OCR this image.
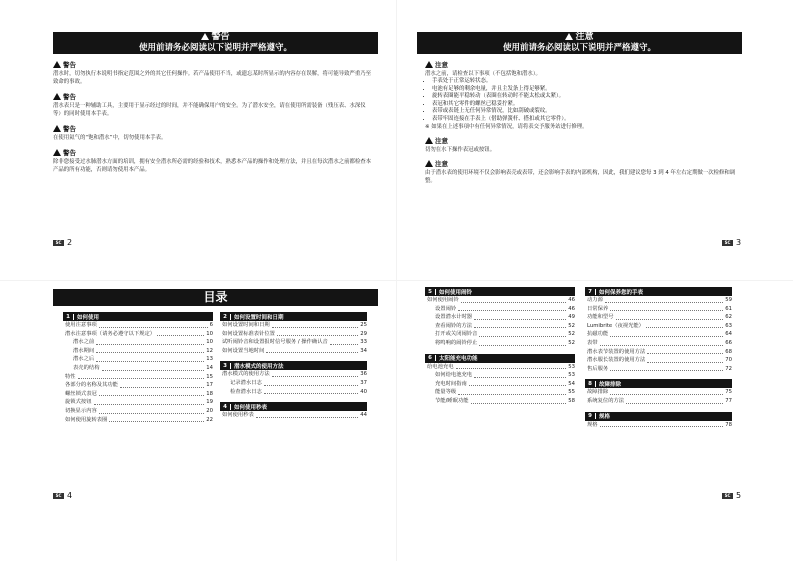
警告
使用前请务必阅读以下说明并严格遵守。
警告
潜水时，切勿执行本说明书指定范围之外的其它任何操作。若产品使用不当，或遗忘某时所显示的内容存在误解，将可能导致严重乃至致命的事故。
警告
潜水表只是一种辅助工具，主要用于显示经过的时间，并不能确保用户的安全。为了潜水安全，请在使用所需装备（残压表、水深仪等）的同时使用本手表。
警告
在使用氦气的“饱和潜水”中，切勿使用本手表。
警告
除非您接受过水肺潜水方面的培训，拥有安全潜水所必需的经验和技术，熟悉本产品的操作和处理方法，并且在每次潜水之前都检查本产品的所有功能，否则请勿使用本产品。
SC 2
注意
使用前请务必阅读以下说明并严格遵守。
注意
潜水之前，请检查以下事项（不包括饱和潜水）。
• 手表处于正常运转状态。
• 电池有足够的剩余电量，并且主发条上得足够紧。
• 旋转表圈能平稳转动（表圈在转动时不能太松或太紧）。
• 表冠和其它零件的螺丝已稳妥拧紧。
• 表带或表链上无任何异常情况，比如刮破或裂纹。
• 表带牢固连接在手表上（借助弹簧杆、搭扣或其它零件）。
※ 如果在上述事项中有任何异常情况，请将表交予服务站进行修理。
注意
切勿在水下操作表冠或按钮。
注意
由于潜水表的使用环境不仅会影响表壳或表带，还会影响手表的内部机构，因此，我们建议您每 3 到 4 年左右定期做一次检修和调整。
SC 3
目录
1	如何使用
使用注意事项	6
潜水注意事项（请务必遵守以下规定）	10
潜水之前	10
潜水期间	12
潜水之后	13
表壳的结构	14
特性	15
各部分的名称及其功能	17
螺丝锁式表冠	18
旋锁式按钮	19
切换显示内容	20
如何使用旋转表圈	22
2	如何设置时间和日期
如何设置时间和日期	25
如何设置标准表针位置	29
试听闹铃音和设置报时信号服务 / 操作确认音	33
如何设置当地时间	34
3	潜水模式的使用方法
潜水模式的使用方法	36
记录潜水日志	37
检查潜水日志	40
4	如何使用秒表
如何使用秒表	44
SC 4
5	如何使用闹铃
如何使用闹铃	46
设置闹铃	46
设置潜水计时器	49
查看闹铃的方法	52
打开或关闭闹铃音	52
将鸣响的闹铃停止	52
6	太阳能充电功能
给电池充电	53
如何给电池充电	53
充电时间指南	54
能量等级	55
节能/睡眠功能	58
7	如何保养您的手表
动力源	59
日常保养	61
功能和型号	62
Lumibrite（夜视光能）	63
抗磁功能	64
表带	66
潜水表节装置的使用方法	68
潜水服长装置的使用方法	70
售后服务	72
8	故障排除
故障排除	75
系统复位的方法	77
9	规格
规格	78
SC 5
